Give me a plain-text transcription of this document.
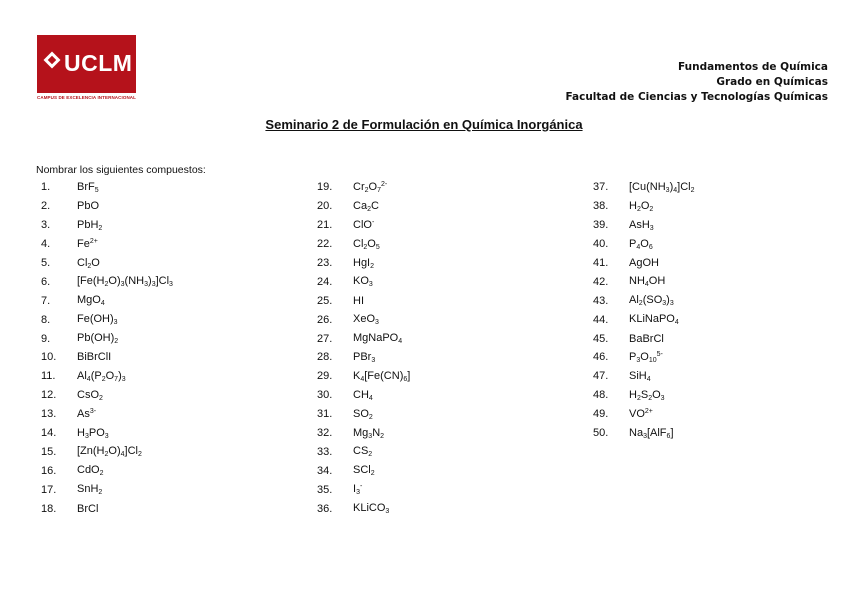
UCLM
CAMPUS DE EXCELENCIA INTERNACIONAL
Fundamentos de Química
Grado en Químicas
Facultad de Ciencias y Tecnologías Químicas
Seminario 2 de Formulación en Química Inorgánica
Nombrar los siguientes compuestos:
1.	BrF$_5$
2.	PbO
3.	PbH$_2$
4.	$Fe^{2+}$
5.	$Cl_2O$
6.	$[Fe(H_2O)_3(NH_3)_3]Cl_3$
7.	MgO$_4$
8.	$Fe(OH)_3$
9.	$Pb(OH)_2$
10.	BiBrClI
11.	$Al_4(P_2O_7)_3$
12.	CsO$_2$
13.	$As^{3-}$
14.	$H_3PO_3$
15.	$[Zn(H_2O)_4]Cl_2$
16.	CdO$_2$
17.	SnH$_2$
18.	BrCl
19.	$Cr_2O_7^{2-}$
20.	$Ca_2C$
21.	ClO-
22.	$Cl_2O_5$
23.	HgI$_2$
24.	$KO_3$
25.	HI
26.	XeO$_3$
27.	MgNaPO$_4$
28.	PBr$_3$
29.	$K_4[Fe(CN)_6]$
30.	$CH_4$
31.	$SO_2$
32.	$Mg_3N_2$
33.	$CS_2$
34.	SCl$_2$
35.	$I_3^-$
36.	KLiCO$_3$
37.	$[Cu(NH_3)_4]Cl_2$
38.	$H_2O_2$
39.	AsH$_3$
40.	$P_4O_6$
41.	AgOH
42.	$NH_4OH$
43.	$Al_2(SO_3)_3$
44.	KLiNaPO$_4$
45.	BaBrCl
46.	$P_3O_{10}^{5-}$
47.	SiH$_4$
48.	$H_2S_2O_3$
49.	$VO^{2+}$
50.	$Na_3[AlF_6]$
